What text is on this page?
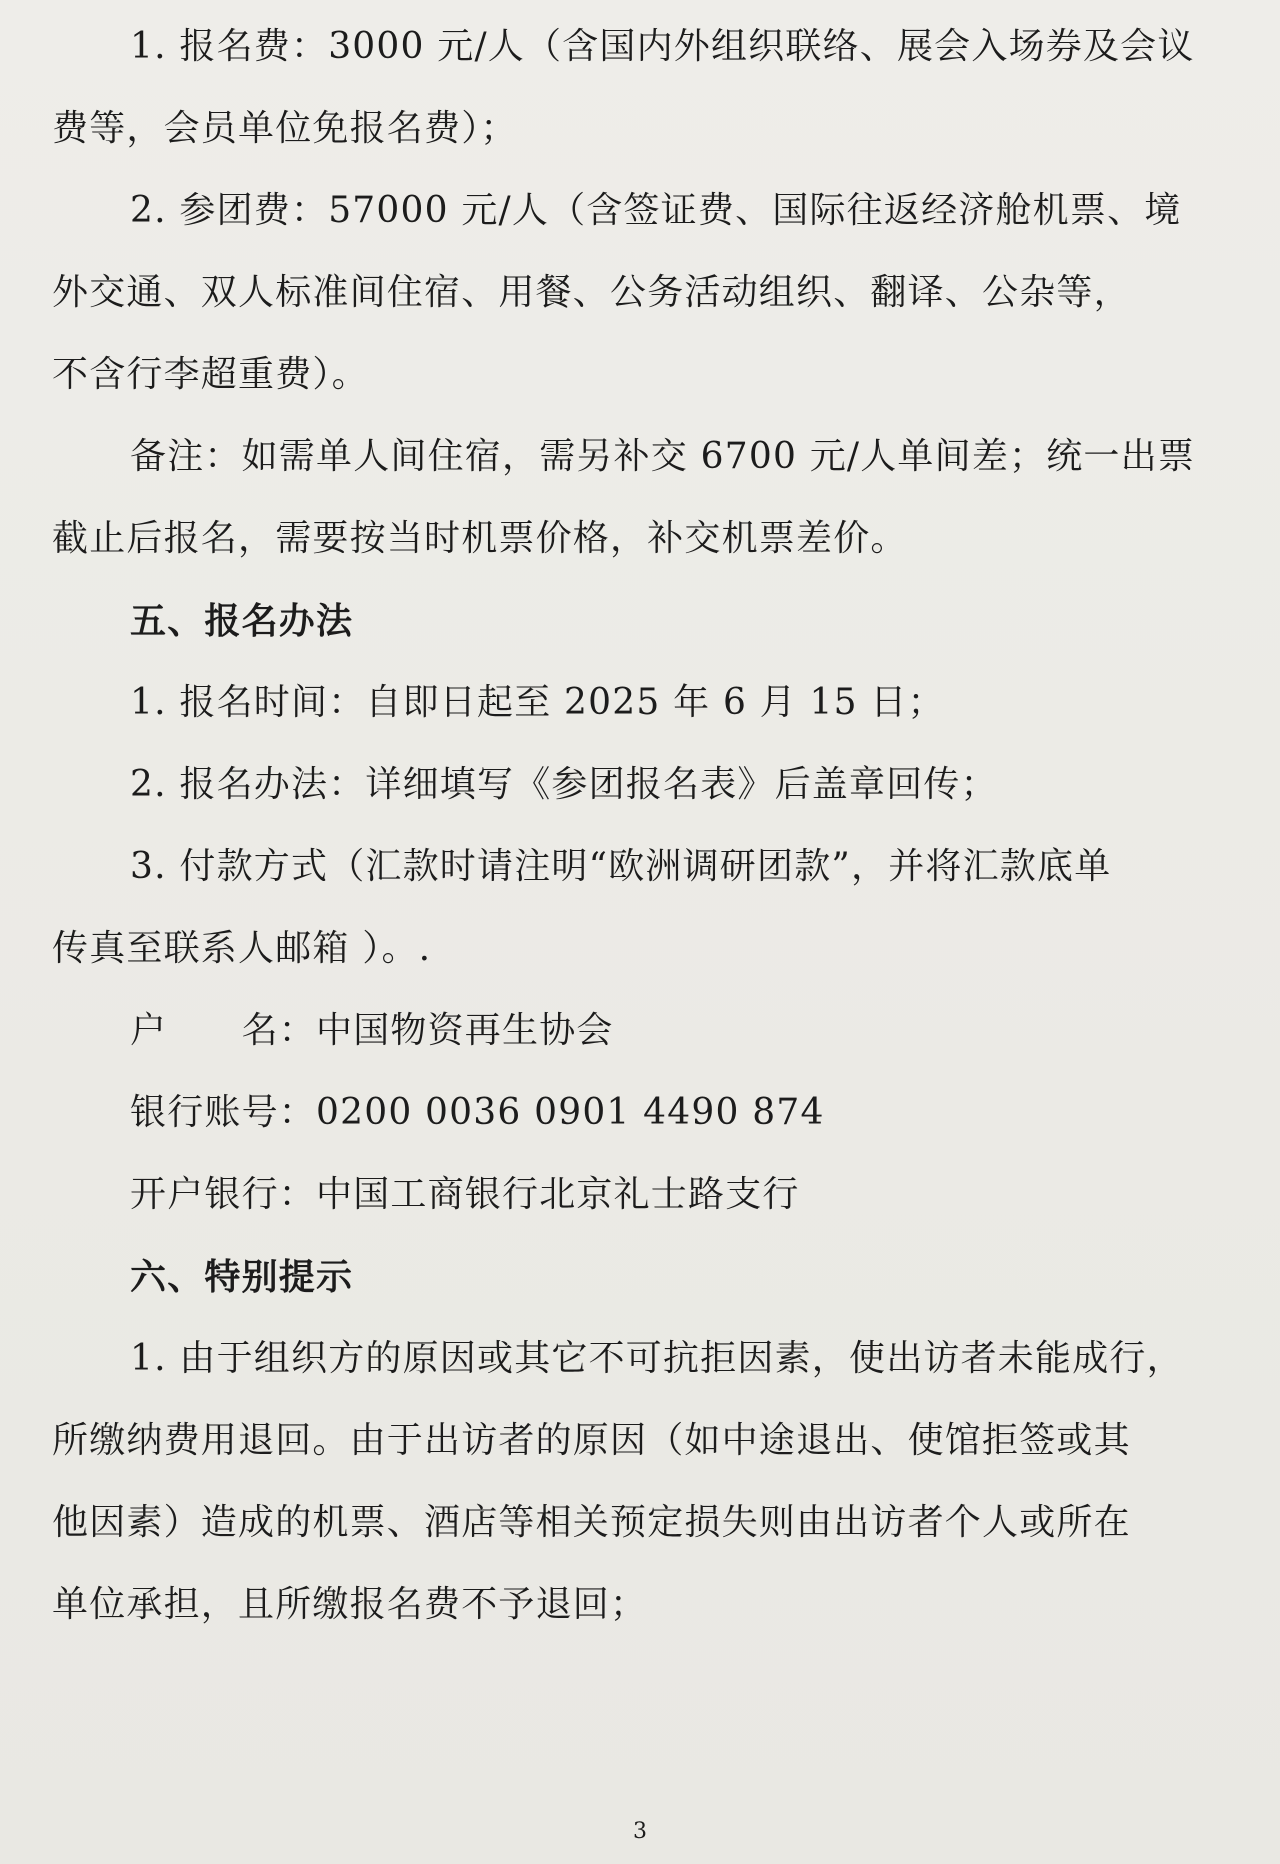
1. 报名费：3000 元/人（含国内外组织联络、展会入场券及会议
费等，会员单位免报名费）；
2. 参团费：57000 元/人（含签证费、国际往返经济舱机票、境
外交通、双人标准间住宿、用餐、公务活动组织、翻译、公杂等，
不含行李超重费）。
备注：如需单人间住宿，需另补交 6700 元/人单间差；统一出票
截止后报名，需要按当时机票价格，补交机票差价。
五、报名办法
1. 报名时间：自即日起至 2025 年 6 月 15 日；
2. 报名办法：详细填写《参团报名表》后盖章回传；
3. 付款方式（汇款时请注明“欧洲调研团款”，并将汇款底单
传真至联系人邮箱 ）。.
户　　名：中国物资再生协会
银行账号：0200 0036 0901 4490 874
开户银行：中国工商银行北京礼士路支行
六、特别提示
1. 由于组织方的原因或其它不可抗拒因素，使出访者未能成行，
所缴纳费用退回。由于出访者的原因（如中途退出、使馆拒签或其
他因素）造成的机票、酒店等相关预定损失则由出访者个人或所在
单位承担，且所缴报名费不予退回；
3
